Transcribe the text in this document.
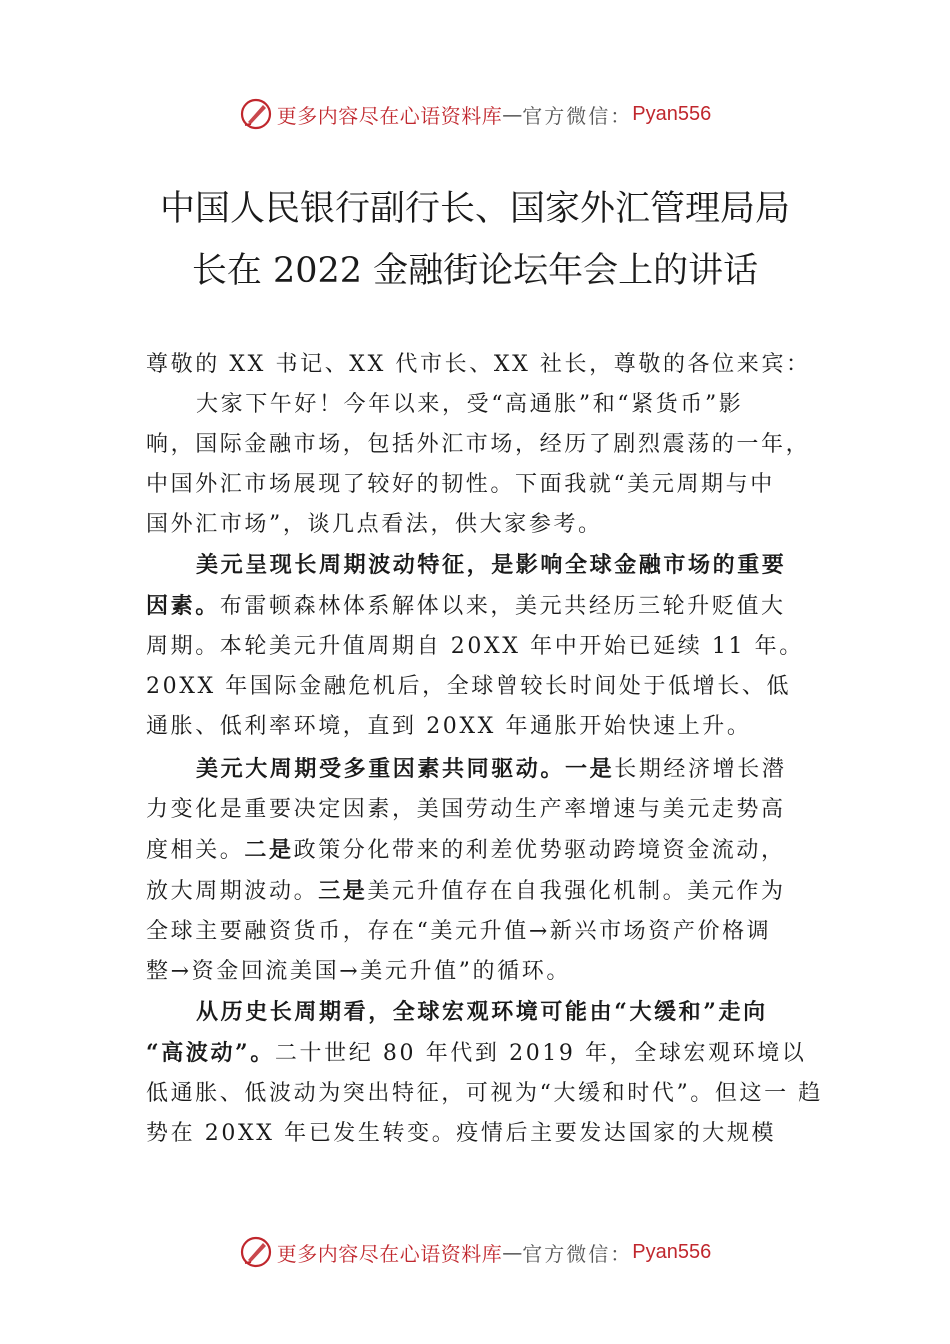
更多内容尽在心语资料库 — 官方微信： Pyan556
中国人民银行副行长、国家外汇管理局局
长在 2022 金融街论坛年会上的讲话

尊敬的 XX 书记、XX 代市长、XX 社长，尊敬的各位来宾：

大家下午好！今年以来，受“高通胀”和“紧货币”影
响，国际金融市场，包括外汇市场，经历了剧烈震荡的一年，
中国外汇市场展现了较好的韧性。下面我就“美元周期与中
国外汇市场”，谈几点看法，供大家参考。

美元呈现长周期波动特征，是影响全球金融市场的重要
因素。布雷顿森林体系解体以来，美元共经历三轮升贬值大
周期。本轮美元升值周期自 20XX 年中开始已延续 11 年。
20XX 年国际金融危机后，全球曾较长时间处于低增长、低
通胀、低利率环境，直到 20XX 年通胀开始快速上升。

美元大周期受多重因素共同驱动。一是长期经济增长潜
力变化是重要决定因素，美国劳动生产率增速与美元走势高
度相关。二是政策分化带来的利差优势驱动跨境资金流动，
放大周期波动。三是美元升值存在自我强化机制。美元作为
全球主要融资货币，存在“美元升值→新兴市场资产价格调
整→资金回流美国→美元升值”的循环。

从历史长周期看，全球宏观环境可能由“大缓和”走向
“高波动”。二十世纪 80 年代到 2019 年，全球宏观环境以
低通胀、低波动为突出特征，可视为“大缓和时代”。但这一 趋
势在 20XX 年已发生转变。疫情后主要发达国家的大规模

更多内容尽在心语资料库 — 官方微信： Pyan556
